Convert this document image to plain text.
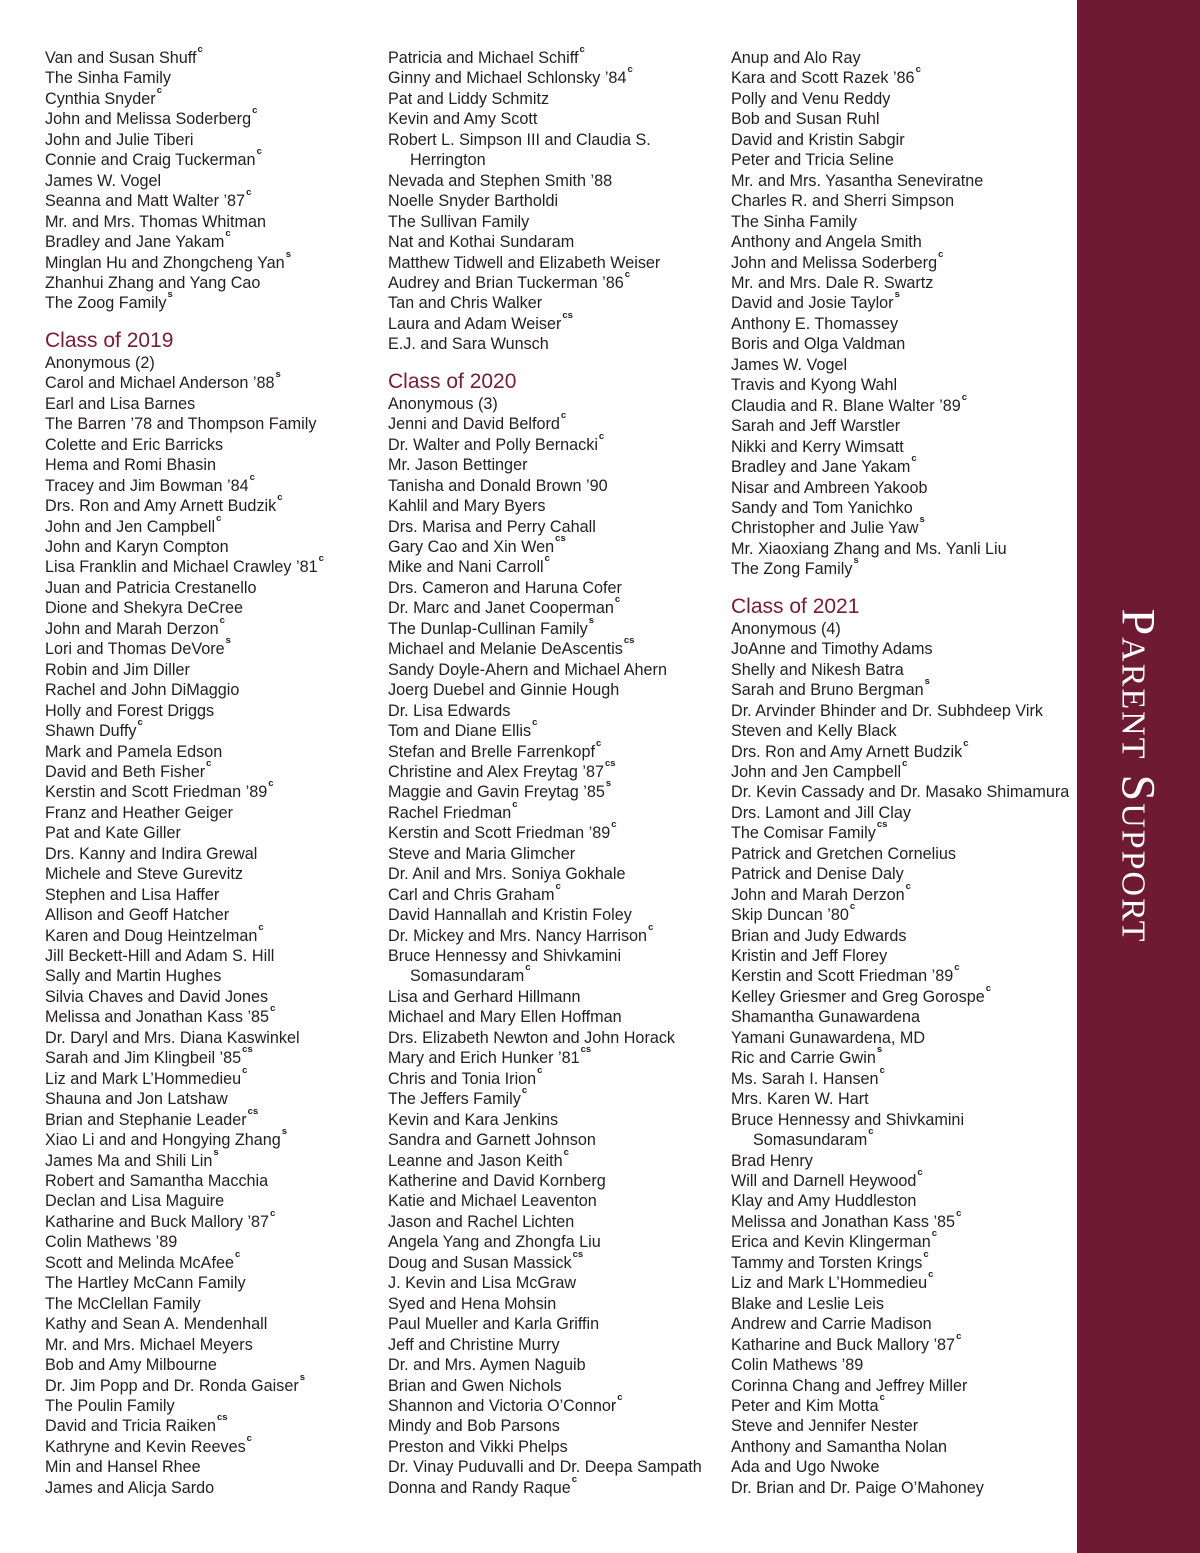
Van and Susan Shuff$^c$
The Sinha Family
Cynthia Snyder$^c$
John and Melissa Soderberg$^c$
John and Julie Tiberi
Connie and Craig Tuckerman$^c$
James W. Vogel
Seanna and Matt Walter ’87$^c$
Mr. and Mrs. Thomas Whitman
Bradley and Jane Yakam$^c$
Minglan Hu and Zhongcheng Yan$^s$
Zhanhui Zhang and Yang Cao
The Zoog Family$^s$
Class of 2019
Anonymous (2)
Carol and Michael Anderson ’88$^s$
Earl and Lisa Barnes
The Barren ’78 and Thompson Family
Colette and Eric Barricks
Hema and Romi Bhasin
Tracey and Jim Bowman ’84$^c$
Drs. Ron and Amy Arnett Budzik$^c$
John and Jen Campbell$^c$
John and Karyn Compton
Lisa Franklin and Michael Crawley ’81$^c$
Juan and Patricia Crestanello
Dione and Shekyra DeCree
John and Marah Derzon$^c$
Lori and Thomas DeVore$^s$
Robin and Jim Diller
Rachel and John DiMaggio
Holly and Forest Driggs
Shawn Duffy$^c$
Mark and Pamela Edson
David and Beth Fisher$^c$
Kerstin and Scott Friedman ’89$^c$
Franz and Heather Geiger
Pat and Kate Giller
Drs. Kanny and Indira Grewal
Michele and Steve Gurevitz
Stephen and Lisa Haffer
Allison and Geoff Hatcher
Karen and Doug Heintzelman$^c$
Jill Beckett-Hill and Adam S. Hill
Sally and Martin Hughes
Silvia Chaves and David Jones
Melissa and Jonathan Kass ’85$^c$
Dr. Daryl and Mrs. Diana Kaswinkel
Sarah and Jim Klingbeil $’85^{cs}$
Liz and Mark L’Hommedieu$^c$
Shauna and Jon Latshaw
Brian and Stephanie Leader$^{cs}$
Xiao Li and and Hongying Zhang$^s$
James Ma and Shili Lin$^s$
Robert and Samantha Macchia
Declan and Lisa Maguire
Katharine and Buck Mallory ’87$^c$
Colin Mathews ’89
Scott and Melinda McAfee$^c$
The Hartley McCann Family
The McClellan Family
Kathy and Sean A. Mendenhall
Mr. and Mrs. Michael Meyers
Bob and Amy Milbourne
Dr. Jim Popp and Dr. Ronda Gaiser$^s$
The Poulin Family
David and Tricia Raiken$^{cs}$
Kathryne and Kevin Reeves$^c$
Min and Hansel Rhee
James and Alicja Sardo
Patricia and Michael Schiff$^c$
Ginny and Michael Schlonsky ’84$^c$
Pat and Liddy Schmitz
Kevin and Amy Scott
Robert L. Simpson III and Claudia S.
Herrington
Nevada and Stephen Smith ’88
Noelle Snyder Bartholdi
The Sullivan Family
Nat and Kothai Sundaram
Matthew Tidwell and Elizabeth Weiser
Audrey and Brian Tuckerman ’86$^c$
Tan and Chris Walker
Laura and Adam Weiser$^{cs}$
E.J. and Sara Wunsch
Class of 2020
Anonymous (3)
Jenni and David Belford$^c$
Dr. Walter and Polly Bernacki$^c$
Mr. Jason Bettinger
Tanisha and Donald Brown ’90
Kahlil and Mary Byers
Drs. Marisa and Perry Cahall
Gary Cao and Xin Wen$^{cs}$
Mike and Nani Carroll$^c$
Drs. Cameron and Haruna Cofer
Dr. Marc and Janet Cooperman$^c$
The Dunlap-Cullinan Family$^s$
Michael and Melanie DeAscentis$^{cs}$
Sandy Doyle-Ahern and Michael Ahern
Joerg Duebel and Ginnie Hough
Dr. Lisa Edwards
Tom and Diane Ellis$^c$
Stefan and Brelle Farrenkopf$^c$
Christine and Alex Freytag $’87^{cs}$
Maggie and Gavin Freytag ’85$^s$
Rachel Friedman$^c$
Kerstin and Scott Friedman ’89$^c$
Steve and Maria Glimcher
Dr. Anil and Mrs. Soniya Gokhale
Carl and Chris Graham$^c$
David Hannallah and Kristin Foley
Dr. Mickey and Mrs. Nancy Harrison$^c$
Bruce Hennessy and Shivkamini
Somasundaram$^c$
Lisa and Gerhard Hillmann
Michael and Mary Ellen Hoffman
Drs. Elizabeth Newton and John Horack
Mary and Erich Hunker $’81^{cs}$
Chris and Tonia Irion$^c$
The Jeffers Family$^c$
Kevin and Kara Jenkins
Sandra and Garnett Johnson
Leanne and Jason Keith$^c$
Katherine and David Kornberg
Katie and Michael Leaventon
Jason and Rachel Lichten
Angela Yang and Zhongfa Liu
Doug and Susan Massick$^{cs}$
J. Kevin and Lisa McGraw
Syed and Hena Mohsin
Paul Mueller and Karla Griffin
Jeff and Christine Murry
Dr. and Mrs. Aymen Naguib
Brian and Gwen Nichols
Shannon and Victoria O’Connor$^c$
Mindy and Bob Parsons
Preston and Vikki Phelps
Dr. Vinay Puduvalli and Dr. Deepa Sampath
Donna and Randy Raque$^c$
Anup and Alo Ray
Kara and Scott Razek ’86$^c$
Polly and Venu Reddy
Bob and Susan Ruhl
David and Kristin Sabgir
Peter and Tricia Seline
Mr. and Mrs. Yasantha Seneviratne
Charles R. and Sherri Simpson
The Sinha Family
Anthony and Angela Smith
John and Melissa Soderberg$^c$
Mr. and Mrs. Dale R. Swartz
David and Josie Taylor$^s$
Anthony E. Thomassey
Boris and Olga Valdman
James W. Vogel
Travis and Kyong Wahl
Claudia and R. Blane Walter ’89$^c$
Sarah and Jeff Warstler
Nikki and Kerry Wimsatt
Bradley and Jane Yakam$^c$
Nisar and Ambreen Yakoob
Sandy and Tom Yanichko
Christopher and Julie Yaw$^s$
Mr. Xiaoxiang Zhang and Ms. Yanli Liu
The Zong Family$^s$
Class of 2021
Anonymous (4)
JoAnne and Timothy Adams
Shelly and Nikesh Batra
Sarah and Bruno Bergman$^s$
Dr. Arvinder Bhinder and Dr. Subhdeep Virk
Steven and Kelly Black
Drs. Ron and Amy Arnett Budzik$^c$
John and Jen Campbell$^c$
Dr. Kevin Cassady and Dr. Masako Shimamura
Drs. Lamont and Jill Clay
The Comisar Family$^{cs}$
Patrick and Gretchen Cornelius
Patrick and Denise Daly
John and Marah Derzon$^c$
Skip Duncan ’80$^c$
Brian and Judy Edwards
Kristin and Jeff Florey
Kerstin and Scott Friedman ’89$^c$
Kelley Griesmer and Greg Gorospe$^c$
Shamantha Gunawardena
Yamani Gunawardena, MD
Ric and Carrie Gwin$^s$
Ms. Sarah I. Hansen$^c$
Mrs. Karen W. Hart
Bruce Hennessy and Shivkamini
Somasundaram$^c$
Brad Henry
Will and Darnell Heywood$^c$
Klay and Amy Huddleston
Melissa and Jonathan Kass ’85$^c$
Erica and Kevin Klingerman$^c$
Tammy and Torsten Krings$^c$
Liz and Mark L’Hommedieu$^c$
Blake and Leslie Leis
Andrew and Carrie Madison
Katharine and Buck Mallory ’87$^c$
Colin Mathews ’89
Corinna Chang and Jeffrey Miller
Peter and Kim Motta$^c$
Steve and Jennifer Nester
Anthony and Samantha Nolan
Ada and Ugo Nwoke
Dr. Brian and Dr. Paige O’Mahoney
Parent Support
